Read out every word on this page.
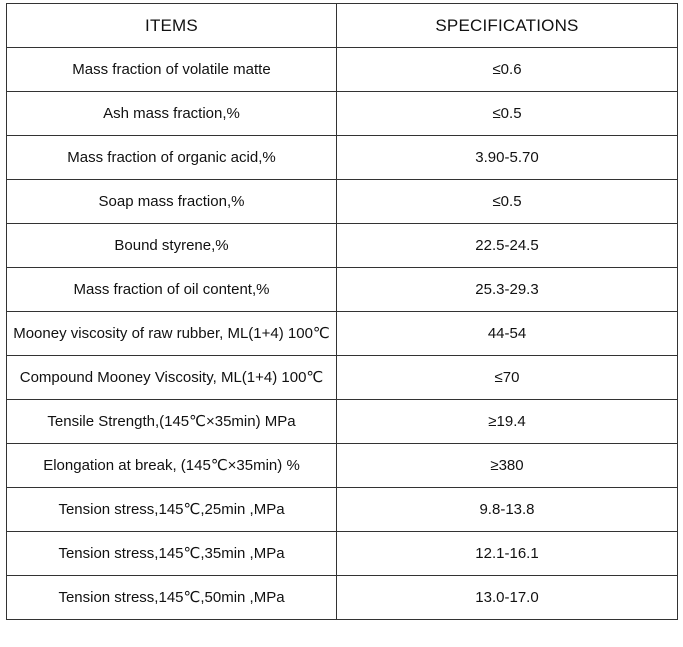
ITEMS	SPECIFICATIONS
Mass fraction of volatile matte	≤0.6
Ash mass fraction,%	≤0.5
Mass fraction of organic acid,%	3.90-5.70
Soap mass fraction,%	≤0.5
Bound styrene,%	22.5-24.5
Mass fraction of oil content,%	25.3-29.3
Mooney viscosity of raw rubber, ML(1+4) 100℃	44-54
Compound Mooney Viscosity, ML(1+4) 100℃	≤70
Tensile Strength,(145℃×35min) MPa	≥19.4
Elongation at break, (145℃×35min) %	≥380
Tension stress,145℃,25min ,MPa	9.8-13.8
Tension stress,145℃,35min ,MPa	12.1-16.1
Tension stress,145℃,50min ,MPa	13.0-17.0
